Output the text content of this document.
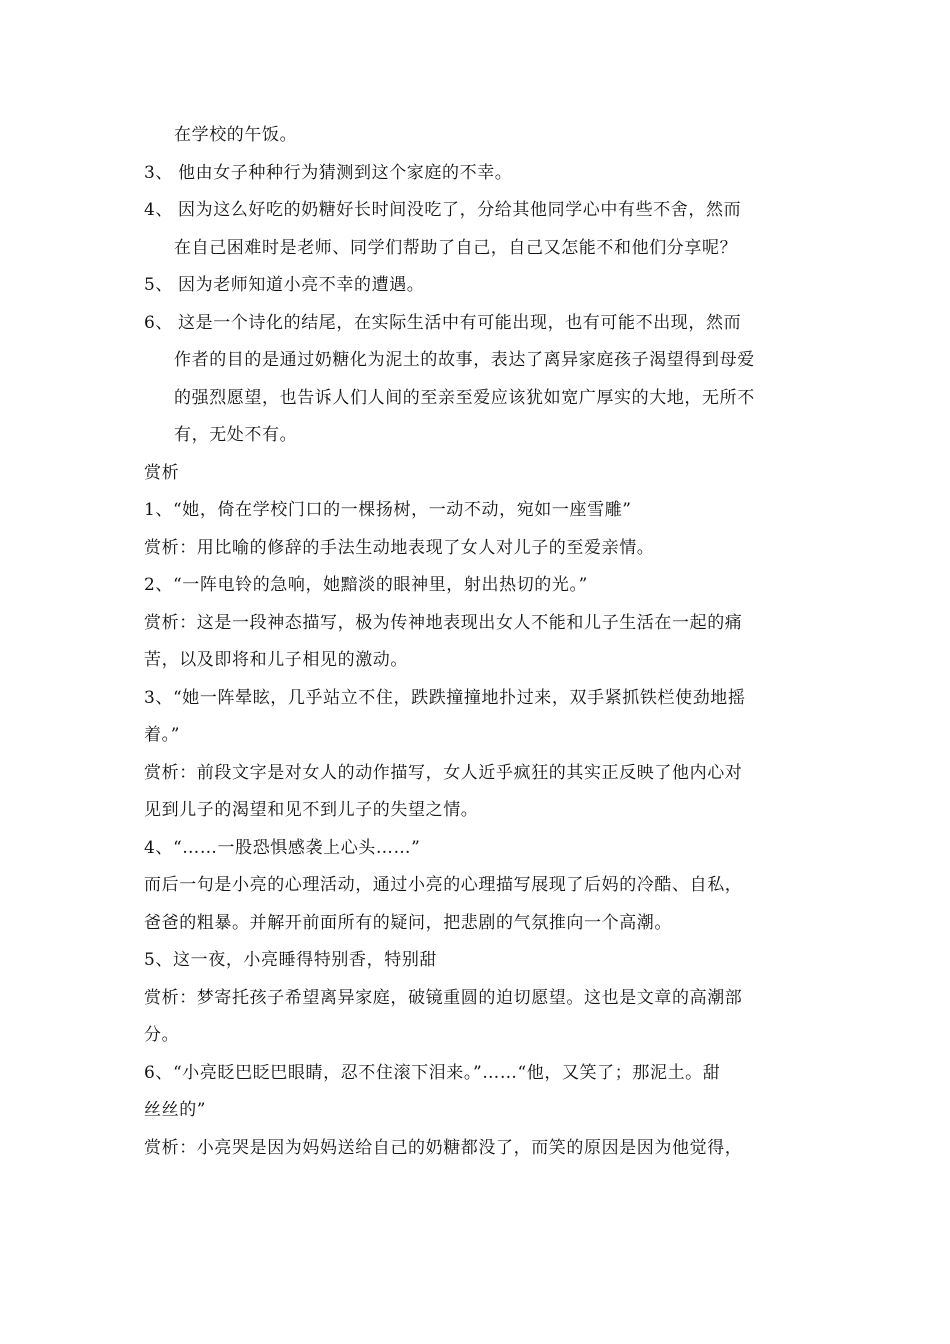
在学校的午饭。
3、 他由女子种种行为猜测到这个家庭的不幸。
4、 因为这么好吃的奶糖好长时间没吃了，分给其他同学心中有些不舍，然而
在自己困难时是老师、同学们帮助了自己，自己又怎能不和他们分享呢？
5、 因为老师知道小亮不幸的遭遇。
6、 这是一个诗化的结尾，在实际生活中有可能出现，也有可能不出现，然而
作者的目的是通过奶糖化为泥土的故事，表达了离异家庭孩子渴望得到母爱
的强烈愿望，也告诉人们人间的至亲至爱应该犹如宽广厚实的大地，无所不
有，无处不有。
赏析
1、“她，倚在学校门口的一棵扬树，一动不动，宛如一座雪雕”
赏析：用比喻的修辞的手法生动地表现了女人对儿子的至爱亲情。
2、“一阵电铃的急响，她黯淡的眼神里，射出热切的光。”
赏析：这是一段神态描写，极为传神地表现出女人不能和儿子生活在一起的痛
苦，以及即将和儿子相见的激动。
3、“她一阵晕眩，几乎站立不住，跌跌撞撞地扑过来，双手紧抓铁栏使劲地摇
着。”
赏析：前段文字是对女人的动作描写，女人近乎疯狂的其实正反映了他内心对
见到儿子的渴望和见不到儿子的失望之情。
4、“……一股恐惧感袭上心头……”
而后一句是小亮的心理活动，通过小亮的心理描写展现了后妈的冷酷、自私，
爸爸的粗暴。并解开前面所有的疑问，把悲剧的气氛推向一个高潮。
5、这一夜，小亮睡得特别香，特别甜
赏析：梦寄托孩子希望离异家庭，破镜重圆的迫切愿望。这也是文章的高潮部
分。
6、“小亮眨巴眨巴眼睛，忍不住滚下泪来。”……“他，又笑了；那泥土。甜
丝丝的”
赏析：小亮哭是因为妈妈送给自己的奶糖都没了，而笑的原因是因为他觉得，
